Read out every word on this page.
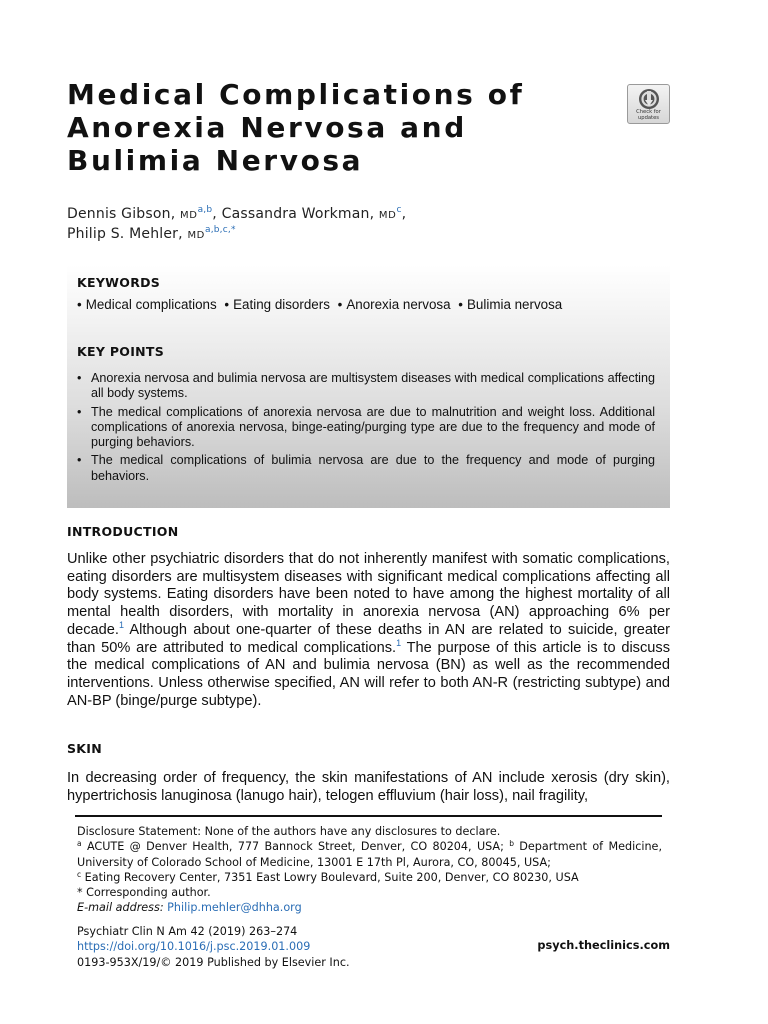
Medical Complications of
Anorexia Nervosa and
Bulimia Nervosa
Check for
updates
Dennis Gibson, MD$^{a,b}$, Cassandra Workman, $MD^c$,
Philip S. Mehler, $MD^{a,b,c,*}$
KEYWORDS
• Medical complications • Eating disorders • Anorexia nervosa • Bulimia nervosa
KEY POINTS
• Anorexia nervosa and bulimia nervosa are multisystem diseases with medical complications affecting all body systems.
• The medical complications of anorexia nervosa are due to malnutrition and weight loss. Additional complications of anorexia nervosa, binge-eating/purging type are due to the frequency and mode of purging behaviors.
• The medical complications of bulimia nervosa are due to the frequency and mode of purging behaviors.
INTRODUCTION
Unlike other psychiatric disorders that do not inherently manifest with somatic complications, eating disorders are multisystem diseases with significant medical complications affecting all body systems. Eating disorders have been noted to have among the highest mortality of all mental health disorders, with mortality in anorexia nervosa (AN) approaching 6% per decade.$^1$ Although about one-quarter of these deaths in AN are related to suicide, greater than 50% are attributed to medical complications.$^1$ The purpose of this article is to discuss the medical complications of AN and bulimia nervosa (BN) as well as the recommended interventions. Unless otherwise specified, AN will refer to both AN-R (restricting subtype) and AN-BP (binge/purge subtype).
SKIN
In decreasing order of frequency, the skin manifestations of AN include xerosis (dry skin), hypertrichosis lanuginosa (lanugo hair), telogen effluvium (hair loss), nail fragility,
Disclosure Statement: None of the authors have any disclosures to declare.
$^a$ ACUTE @ Denver Health, 777 Bannock Street, Denver, CO 80204, USA; $^b$ Department of Medicine, University of Colorado School of Medicine, 13001 E 17th Pl, Aurora, CO, 80045, USA;
$^c$ Eating Recovery Center, 7351 East Lowry Boulevard, Suite 200, Denver, CO 80230, USA
* Corresponding author.
E-mail address: Philip.mehler@dhha.org
Psychiatr Clin N Am 42 (2019) 263–274
https://doi.org/10.1016/j.psc.2019.01.009
0193-953X/19/© 2019 Published by Elsevier Inc.
psych.theclinics.com
